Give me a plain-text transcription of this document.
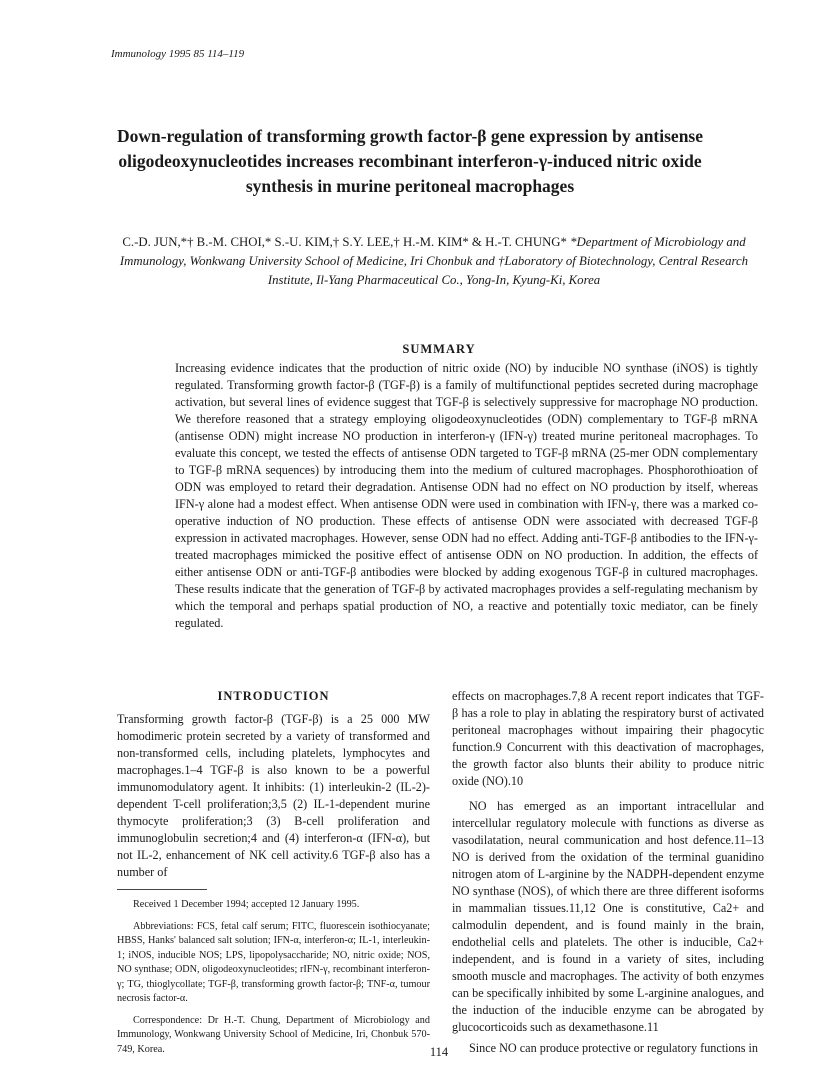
Immunology 1995 85 114–119
Down-regulation of transforming growth factor-β gene expression by antisense oligodeoxynucleotides increases recombinant interferon-γ-induced nitric oxide synthesis in murine peritoneal macrophages
C.-D. JUN,*† B.-M. CHOI,* S.-U. KIM,† S.Y. LEE,† H.-M. KIM* & H.-T. CHUNG* *Department of Microbiology and Immunology, Wonkwang University School of Medicine, Iri Chonbuk and †Laboratory of Biotechnology, Central Research Institute, Il-Yang Pharmaceutical Co., Yong-In, Kyung-Ki, Korea
SUMMARY
Increasing evidence indicates that the production of nitric oxide (NO) by inducible NO synthase (iNOS) is tightly regulated. Transforming growth factor-β (TGF-β) is a family of multifunctional peptides secreted during macrophage activation, but several lines of evidence suggest that TGF-β is selectively suppressive for macrophage NO production. We therefore reasoned that a strategy employing oligodeoxynucleotides (ODN) complementary to TGF-β mRNA (antisense ODN) might increase NO production in interferon-γ (IFN-γ) treated murine peritoneal macrophages. To evaluate this concept, we tested the effects of antisense ODN targeted to TGF-β mRNA (25-mer ODN complementary to TGF-β mRNA sequences) by introducing them into the medium of cultured macrophages. Phosphorothioation of ODN was employed to retard their degradation. Antisense ODN had no effect on NO production by itself, whereas IFN-γ alone had a modest effect. When antisense ODN were used in combination with IFN-γ, there was a marked co-operative induction of NO production. These effects of antisense ODN were associated with decreased TGF-β expression in activated macrophages. However, sense ODN had no effect. Adding anti-TGF-β antibodies to the IFN-γ-treated macrophages mimicked the positive effect of antisense ODN on NO production. In addition, the effects of either antisense ODN or anti-TGF-β antibodies were blocked by adding exogenous TGF-β in cultured macrophages. These results indicate that the generation of TGF-β by activated macrophages provides a self-regulating mechanism by which the temporal and perhaps spatial production of NO, a reactive and potentially toxic mediator, can be finely regulated.
INTRODUCTION

Transforming growth factor-β (TGF-β) is a 25 000 MW homodimeric protein secreted by a variety of transformed and non-transformed cells, including platelets, lymphocytes and macrophages.1–4 TGF-β is also known to be a powerful immunomodulatory agent. It inhibits: (1) interleukin-2 (IL-2)-dependent T-cell proliferation;3,5 (2) IL-1-dependent murine thymocyte proliferation;3 (3) B-cell proliferation and immunoglobulin secretion;4 and (4) interferon-α (IFN-α), but not IL-2, enhancement of NK cell activity.6 TGF-β also has a number of

Received 1 December 1994; accepted 12 January 1995.

Abbreviations: FCS, fetal calf serum; FITC, fluorescein isothiocyanate; HBSS, Hanks' balanced salt solution; IFN-α, interferon-α; IL-1, interleukin-1; iNOS, inducible NOS; LPS, lipopolysaccharide; NO, nitric oxide; NOS, NO synthase; ODN, oligodeoxynucleotides; rIFN-γ, recombinant interferon-γ; TG, thioglycollate; TGF-β, transforming growth factor-β; TNF-α, tumour necrosis factor-α.

Correspondence: Dr H.-T. Chung, Department of Microbiology and Immunology, Wonkwang University School of Medicine, Iri, Chonbuk 570-749, Korea.

effects on macrophages.7,8 A recent report indicates that TGF-β has a role to play in ablating the respiratory burst of activated peritoneal macrophages without impairing their phagocytic function.9 Concurrent with this deactivation of macrophages, the growth factor also blunts their ability to produce nitric oxide (NO).10

NO has emerged as an important intracellular and intercellular regulatory molecule with functions as diverse as vasodilatation, neural communication and host defence.11–13 NO is derived from the oxidation of the terminal guanidino nitrogen atom of L-arginine by the NADPH-dependent enzyme NO synthase (NOS), of which there are three different isoforms in mammalian tissues.11,12 One is constitutive, Ca2+ and calmodulin dependent, and is found mainly in the brain, endothelial cells and platelets. The other is inducible, Ca2+ independent, and is found in a variety of sites, including smooth muscle and macrophages. The activity of both enzymes can be specifically inhibited by some L-arginine analogues, and the induction of the inducible enzyme can be abrogated by glucocorticoids such as dexamethasone.11

Since NO can produce protective or regulatory functions in

114
